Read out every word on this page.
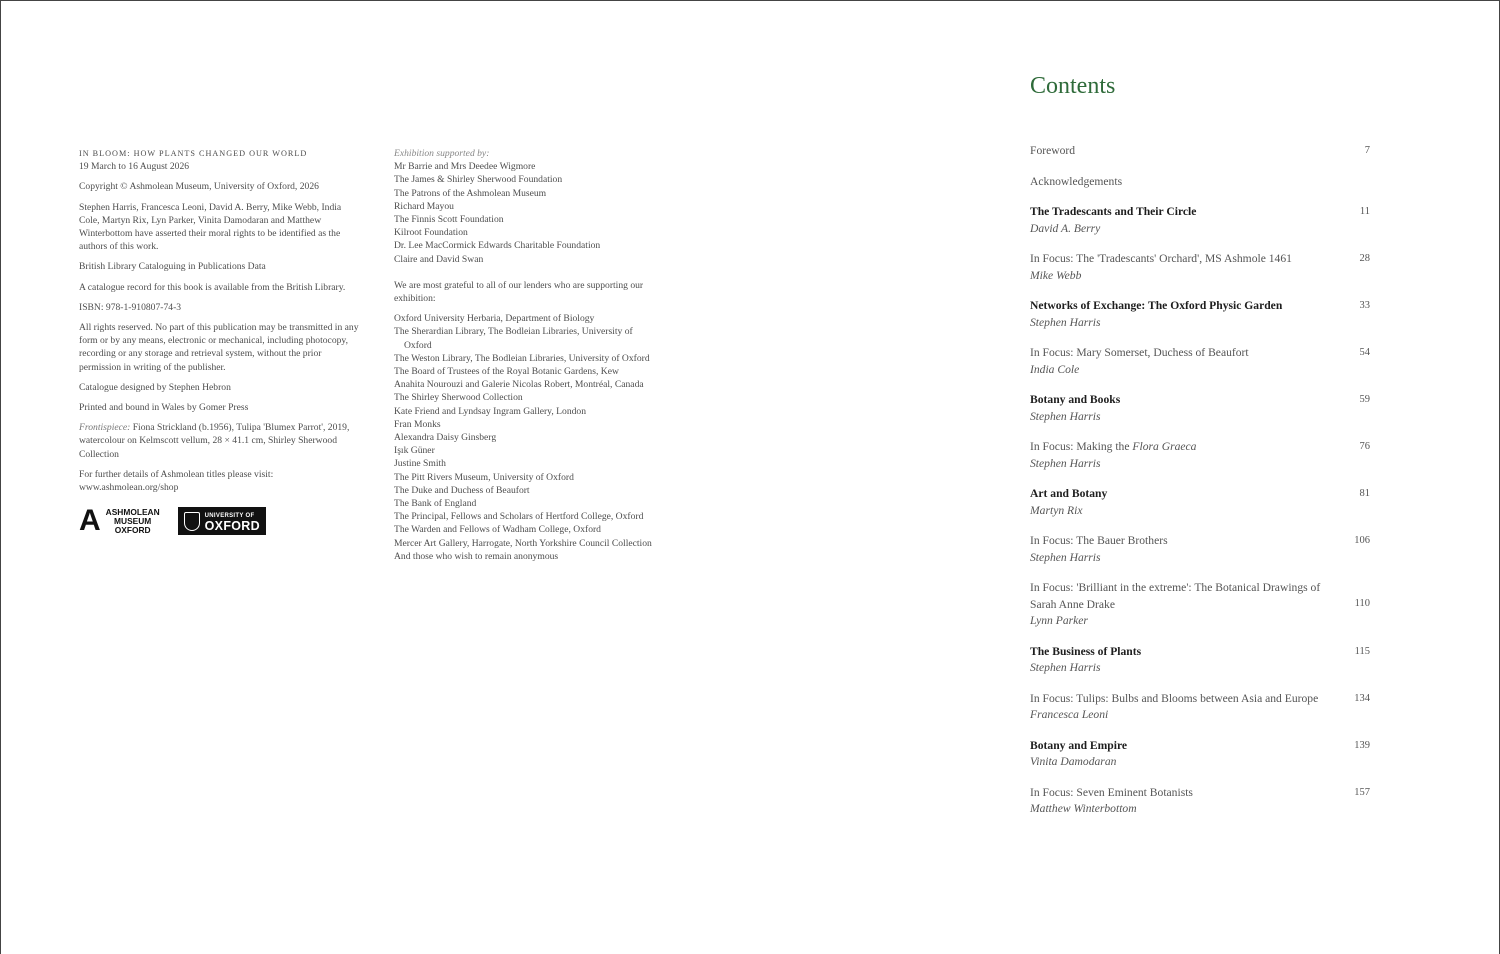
IN BLOOM: HOW PLANTS CHANGED OUR WORLD
19 March to 16 August 2026

Copyright © Ashmolean Museum, University of Oxford, 2026

Stephen Harris, Francesca Leoni, David A. Berry, Mike Webb, India Cole, Martyn Rix, Lyn Parker, Vinita Damodaran and Matthew Winterbottom have asserted their moral rights to be identified as the authors of this work.

British Library Cataloguing in Publications Data

A catalogue record for this book is available from the British Library.

ISBN: 978-1-910807-74-3

All rights reserved. No part of this publication may be transmitted in any form or by any means, electronic or mechanical, including photocopy, recording or any storage and retrieval system, without the prior permission in writing of the publisher.

Catalogue designed by Stephen Hebron

Printed and bound in Wales by Gomer Press

Frontispiece: Fiona Strickland (b.1956), Tulipa 'Blumex Parrot', 2019, watercolour on Kelmscott vellum, 28 × 41.1 cm, Shirley Sherwood Collection

For further details of Ashmolean titles please visit:
www.ashmolean.org/shop

A ASHMOLEAN
MUSEUM
OXFORD
UNIVERSITY OF
OXFORD
Exhibition supported by:
Mr Barrie and Mrs Deedee Wigmore
The James & Shirley Sherwood Foundation
The Patrons of the Ashmolean Museum
Richard Mayou
The Finnis Scott Foundation
Kilroot Foundation
Dr. Lee MacCormick Edwards Charitable Foundation
Claire and David Swan
We are most grateful to all of our lenders who are supporting our exhibition:
Oxford University Herbaria, Department of Biology
The Sherardian Library, The Bodleian Libraries, University of
Oxford
The Weston Library, The Bodleian Libraries, University of Oxford
The Board of Trustees of the Royal Botanic Gardens, Kew
Anahita Nourouzi and Galerie Nicolas Robert, Montréal, Canada
The Shirley Sherwood Collection
Kate Friend and Lyndsay Ingram Gallery, London
Fran Monks
Alexandra Daisy Ginsberg
Işık Güner
Justine Smith
The Pitt Rivers Museum, University of Oxford
The Duke and Duchess of Beaufort
The Bank of England
The Principal, Fellows and Scholars of Hertford College, Oxford
The Warden and Fellows of Wadham College, Oxford
Mercer Art Gallery, Harrogate, North Yorkshire Council Collection
And those who wish to remain anonymous
Contents
Foreword	7
Acknowledgements
The Tradescants and Their Circle
David A. Berry
11
In Focus: The 'Tradescants' Orchard', MS Ashmole 1461
Mike Webb
28
Networks of Exchange: The Oxford Physic Garden
Stephen Harris
33
In Focus: Mary Somerset, Duchess of Beaufort
India Cole
54
Botany and Books
Stephen Harris
59
In Focus: Making the Flora Graeca
Stephen Harris
76
Art and Botany
Martyn Rix
81
In Focus: The Bauer Brothers
Stephen Harris
106
In Focus: 'Brilliant in the extreme': The Botanical Drawings of Sarah Anne Drake
Lynn Parker
110
The Business of Plants
Stephen Harris
115
In Focus: Tulips: Bulbs and Blooms between Asia and Europe
Francesca Leoni
134
Botany and Empire
Vinita Damodaran
139
In Focus: Seven Eminent Botanists
Matthew Winterbottom
157
